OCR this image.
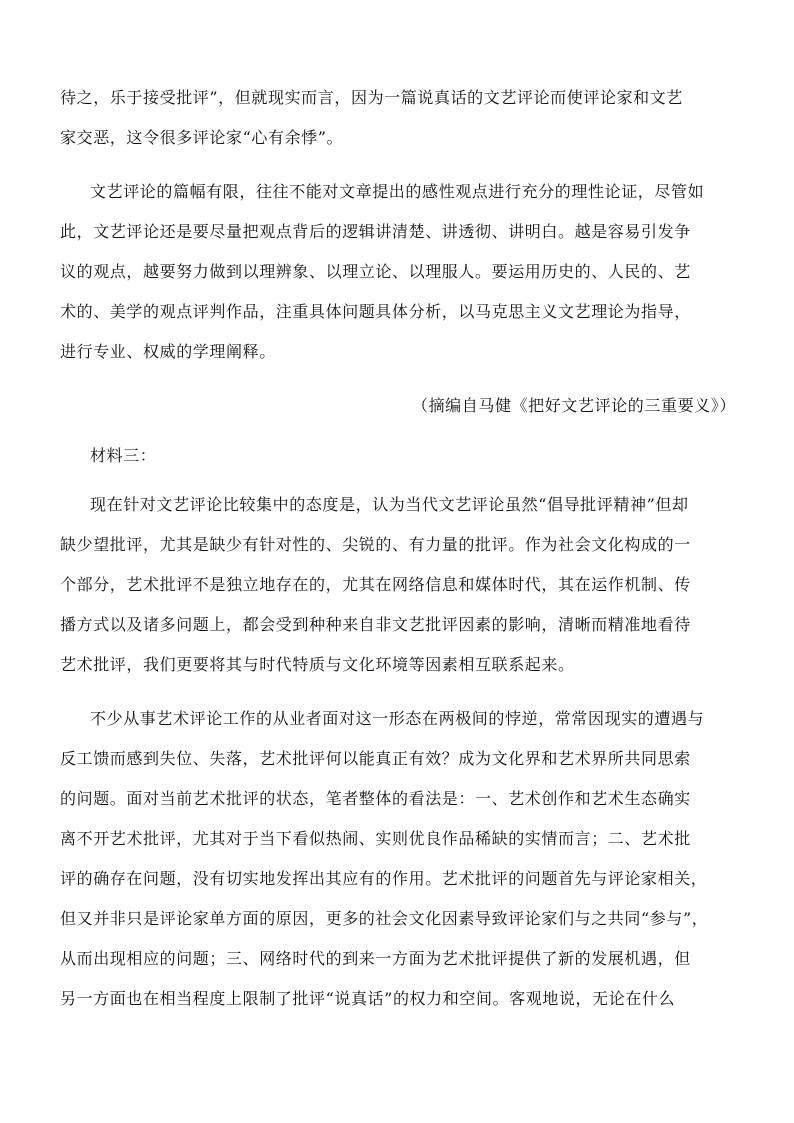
待之，乐于接受批评”，但就现实而言，因为一篇说真话的文艺评论而使评论家和文艺
家交恶，这令很多评论家“心有余悸”。
文艺评论的篇幅有限，往往不能对文章提出的感性观点进行充分的理性论证，尽管如
此，文艺评论还是要尽量把观点背后的逻辑讲清楚、讲透彻、讲明白。越是容易引发争
议的观点，越要努力做到以理辨象、以理立论、以理服人。要运用历史的、人民的、艺
术的、美学的观点评判作品，注重具体问题具体分析，以马克思主义文艺理论为指导，
进行专业、权威的学理阐释。
（摘编自马健《把好文艺评论的三重要义》）
材料三：
现在针对文艺评论比较集中的态度是，认为当代文艺评论虽然“倡导批评精神”但却
缺少望批评，尤其是缺少有针对性的、尖锐的、有力量的批评。作为社会文化构成的一
个部分，艺术批评不是独立地存在的，尤其在网络信息和媒体时代，其在运作机制、传
播方式以及诸多问题上，都会受到种种来自非文艺批评因素的影响，清晰而精准地看待
艺术批评，我们更要将其与时代特质与文化环境等因素相互联系起来。
不少从事艺术评论工作的从业者面对这一形态在两极间的悖逆，常常因现实的遭遇与
反工馈而感到失位、失落，艺术批评何以能真正有效？成为文化界和艺术界所共同思索
的问题。面对当前艺术批评的状态，笔者整体的看法是：一、艺术创作和艺术生态确实
离不开艺术批评，尤其对于当下看似热闹、实则优良作品稀缺的实情而言；二、艺术批
评的确存在问题，没有切实地发挥出其应有的作用。艺术批评的问题首先与评论家相关，
但又并非只是评论家单方面的原因，更多的社会文化因素导致评论家们与之共同“参与”，
从而出现相应的问题；三、网络时代的到来一方面为艺术批评提供了新的发展机遇，但
另一方面也在相当程度上限制了批评“说真话”的权力和空间。客观地说，无论在什么
